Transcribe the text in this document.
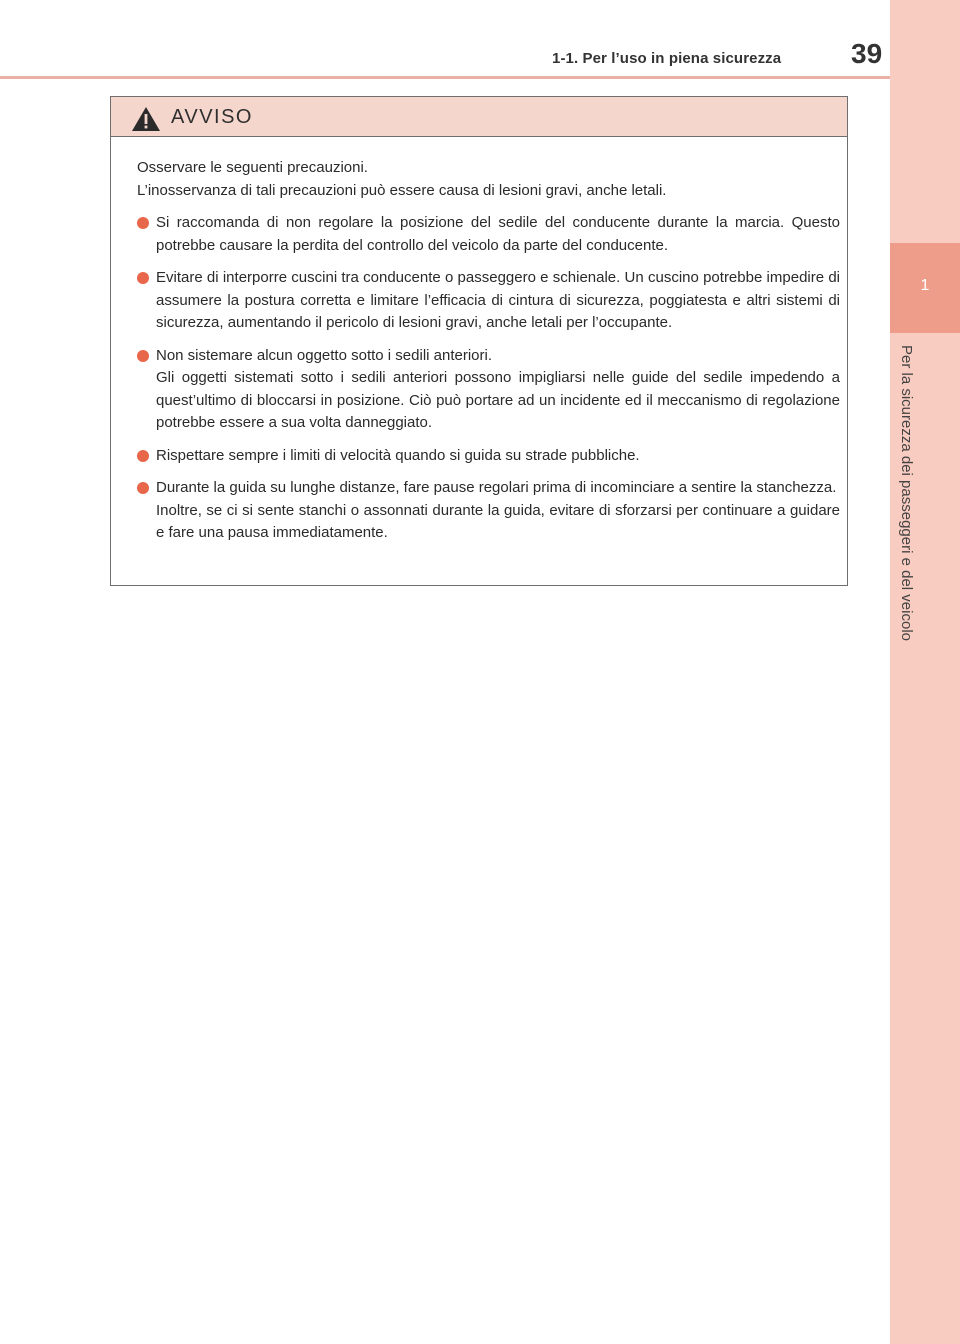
1-1. Per l’uso in piena sicurezza 39
1
Per la sicurezza dei passeggeri e del veicolo
AVVISO

Osservare le seguenti precauzioni.

L’inosservanza di tali precauzioni può essere causa di lesioni gravi, anche letali.

Si raccomanda di non regolare la posizione del sedile del conducente durante la marcia. Questo potrebbe causare la perdita del controllo del veicolo da parte del conducente.

Evitare di interporre cuscini tra conducente o passeggero e schienale. Un cuscino potrebbe impedire di assumere la postura corretta e limitare l’efficacia di cintura di sicurezza, poggiatesta e altri sistemi di sicurezza, aumentando il pericolo di lesioni gravi, anche letali per l’occupante.

Non sistemare alcun oggetto sotto i sedili anteriori.

Gli oggetti sistemati sotto i sedili anteriori possono impigliarsi nelle guide del sedile impedendo a quest’ultimo di bloccarsi in posizione. Ciò può portare ad un incidente ed il meccanismo di regolazione potrebbe essere a sua volta danneggiato.

Rispettare sempre i limiti di velocità quando si guida su strade pubbliche.

Durante la guida su lunghe distanze, fare pause regolari prima di incominciare a sentire la stanchezza.

Inoltre, se ci si sente stanchi o assonnati durante la guida, evitare di sforzarsi per continuare a guidare e fare una pausa immediatamente.
